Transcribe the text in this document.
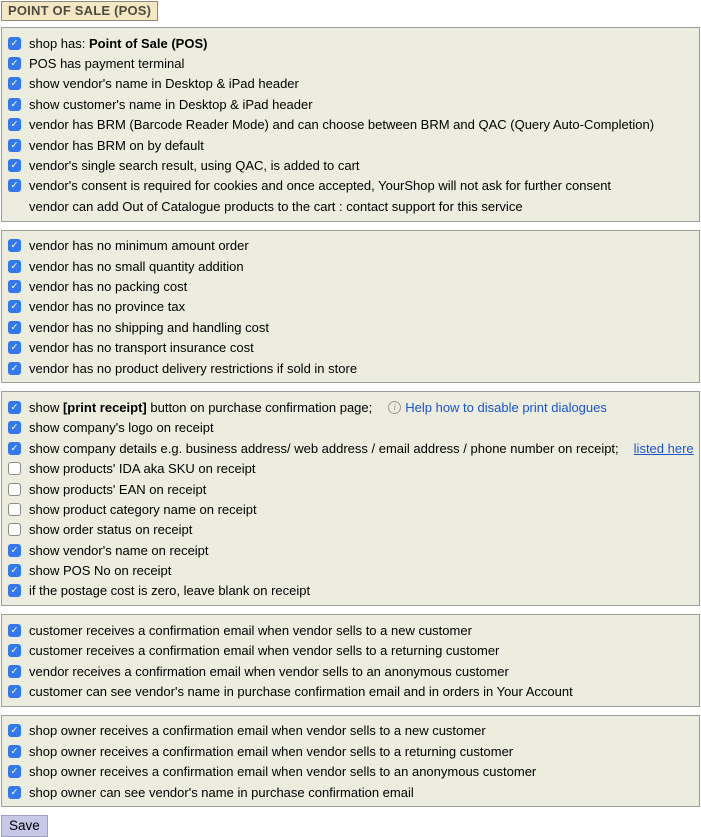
POINT OF SALE (POS)
✓ shop has: Point of Sale (POS)
✓ POS has payment terminal
✓ show vendor's name in Desktop & iPad header
✓ show customer's name in Desktop & iPad header
✓ vendor has BRM (Barcode Reader Mode) and can choose between BRM and QAC (Query Auto-Completion)
✓ vendor has BRM on by default
✓ vendor's single search result, using QAC, is added to cart
✓ vendor's consent is required for cookies and once accepted, YourShop will not ask for further consent
vendor can add Out of Catalogue products to the cart : contact support for this service
✓ vendor has no minimum amount order
✓ vendor has no small quantity addition
✓ vendor has no packing cost
✓ vendor has no province tax
✓ vendor has no shipping and handling cost
✓ vendor has no transport insurance cost
✓ vendor has no product delivery restrictions if sold in store
✓ show [print receipt] button on purchase confirmation page;	i Help how to disable print dialogues
✓ show company's logo on receipt
✓ show company details e.g. business address/ web address / email address / phone number on receipt; listed here
show products' IDA aka SKU on receipt
show products' EAN on receipt
show product category name on receipt
show order status on receipt
✓ show vendor's name on receipt
✓ show POS No on receipt
✓ if the postage cost is zero, leave blank on receipt
✓ customer receives a confirmation email when vendor sells to a new customer
✓ customer receives a confirmation email when vendor sells to a returning customer
✓ vendor receives a confirmation email when vendor sells to an anonymous customer
✓ customer can see vendor's name in purchase confirmation email and in orders in Your Account
✓ shop owner receives a confirmation email when vendor sells to a new customer
✓ shop owner receives a confirmation email when vendor sells to a returning customer
✓ shop owner receives a confirmation email when vendor sells to an anonymous customer
✓ shop owner can see vendor's name in purchase confirmation email
Save
